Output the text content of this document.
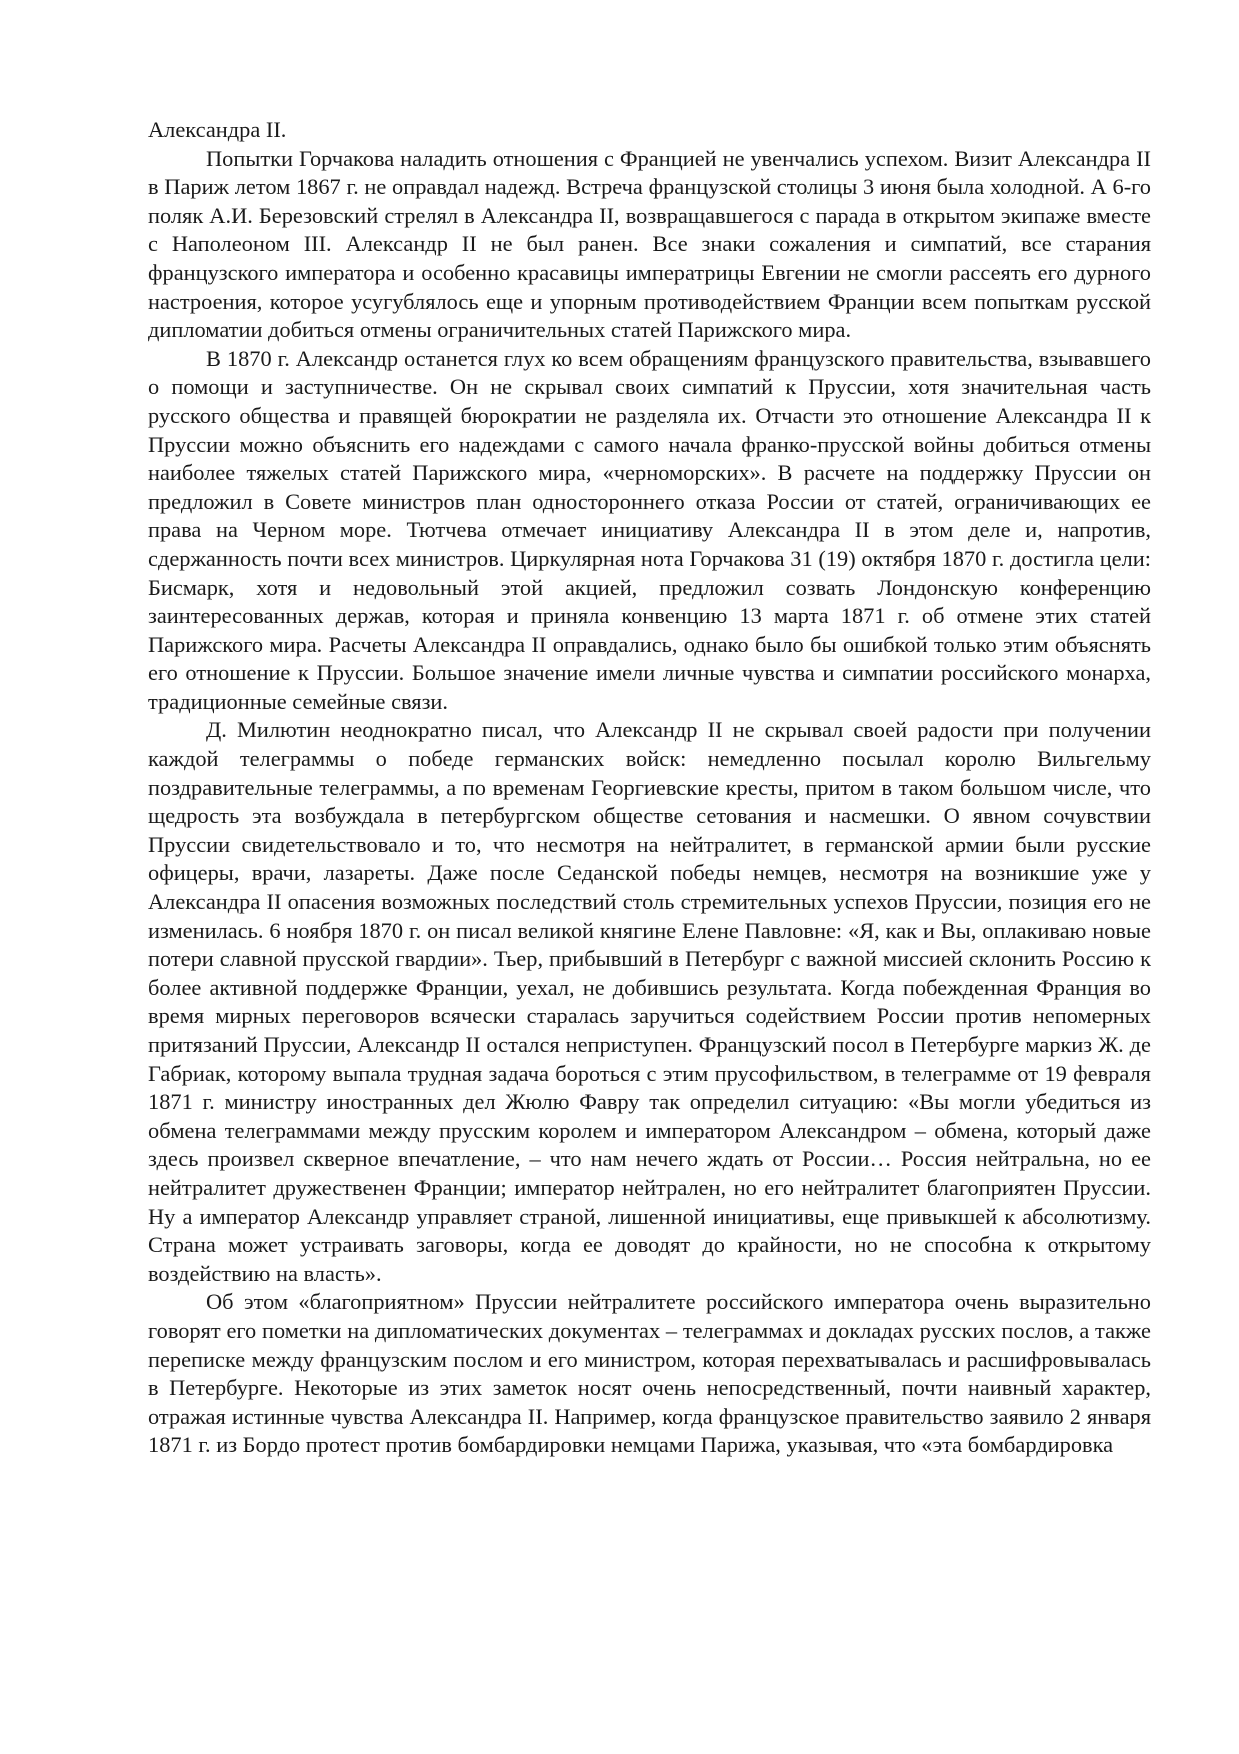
Александра II.

Попытки Горчакова наладить отношения с Францией не увенчались успехом. Визит Александра II в Париж летом 1867 г. не оправдал надежд. Встреча французской столицы 3 июня была холодной. А 6-го поляк А.И. Березовский стрелял в Александра II, возвращавшегося с парада в открытом экипаже вместе с Наполеоном III. Александр II не был ранен. Все знаки сожаления и симпатий, все старания французского императора и особенно красавицы императрицы Евгении не смогли рассеять его дурного настроения, которое усугублялось еще и упорным противодействием Франции всем попыткам русской дипломатии добиться отмены ограничительных статей Парижского мира.

В 1870 г. Александр останется глух ко всем обращениям французского правительства, взывавшего о помощи и заступничестве. Он не скрывал своих симпатий к Пруссии, хотя значительная часть русского общества и правящей бюрократии не разделяла их. Отчасти это отношение Александра II к Пруссии можно объяснить его надеждами с самого начала франко-прусской войны добиться отмены наиболее тяжелых статей Парижского мира, «черноморских». В расчете на поддержку Пруссии он предложил в Совете министров план одностороннего отказа России от статей, ограничивающих ее права на Черном море. Тютчева отмечает инициативу Александра II в этом деле и, напротив, сдержанность почти всех министров. Циркулярная нота Горчакова 31 (19) октября 1870 г. достигла цели: Бисмарк, хотя и недовольный этой акцией, предложил созвать Лондонскую конференцию заинтересованных держав, которая и приняла конвенцию 13 марта 1871 г. об отмене этих статей Парижского мира. Расчеты Александра II оправдались, однако было бы ошибкой только этим объяснять его отношение к Пруссии. Большое значение имели личные чувства и симпатии российского монарха, традиционные семейные связи.

Д. Милютин неоднократно писал, что Александр II не скрывал своей радости при получении каждой телеграммы о победе германских войск: немедленно посылал королю Вильгельму поздравительные телеграммы, а по временам Георгиевские кресты, притом в таком большом числе, что щедрость эта возбуждала в петербургском обществе сетования и насмешки. О явном сочувствии Пруссии свидетельствовало и то, что несмотря на нейтралитет, в германской армии были русские офицеры, врачи, лазареты. Даже после Седанской победы немцев, несмотря на возникшие уже у Александра II опасения возможных последствий столь стремительных успехов Пруссии, позиция его не изменилась. 6 ноября 1870 г. он писал великой княгине Елене Павловне: «Я, как и Вы, оплакиваю новые потери славной прусской гвардии». Тьер, прибывший в Петербург с важной миссией склонить Россию к более активной поддержке Франции, уехал, не добившись результата. Когда побежденная Франция во время мирных переговоров всячески старалась заручиться содействием России против непомерных притязаний Пруссии, Александр II остался неприступен. Французский посол в Петербурге маркиз Ж. де Габриак, которому выпала трудная задача бороться с этим прусофильством, в телеграмме от 19 февраля 1871 г. министру иностранных дел Жюлю Фавру так определил ситуацию: «Вы могли убедиться из обмена телеграммами между прусским королем и императором Александром – обмена, который даже здесь произвел скверное впечатление, – что нам нечего ждать от России… Россия нейтральна, но ее нейтралитет дружественен Франции; император нейтрален, но его нейтралитет благоприятен Пруссии. Ну а император Александр управляет страной, лишенной инициативы, еще привыкшей к абсолютизму. Страна может устраивать заговоры, когда ее доводят до крайности, но не способна к открытому воздействию на власть».

Об этом «благоприятном» Пруссии нейтралитете российского императора очень выразительно говорят его пометки на дипломатических документах – телеграммах и докладах русских послов, а также переписке между французским послом и его министром, которая перехватывалась и расшифровывалась в Петербурге. Некоторые из этих заметок носят очень непосредственный, почти наивный характер, отражая истинные чувства Александра II. Например, когда французское правительство заявило 2 января 1871 г. из Бордо протест против бомбардировки немцами Парижа, указывая, что «эта бомбардировка
